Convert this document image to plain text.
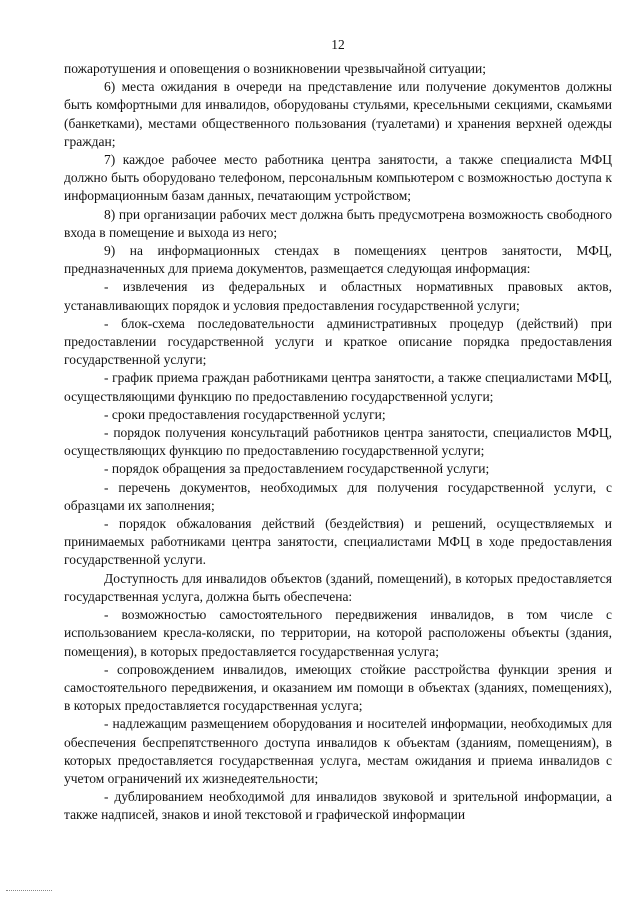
12

пожаротушения и оповещения о возникновении чрезвычайной ситуации;

6) места ожидания в очереди на представление или получение документов должны быть комфортными для инвалидов, оборудованы стульями, кресельными секциями, скамьями (банкетками), местами общественного пользования (туалетами) и хранения верхней одежды граждан;

7) каждое рабочее место работника центра занятости, а также специалиста МФЦ должно быть оборудовано телефоном, персональным компьютером с возможностью доступа к информационным базам данных, печатающим устройством;

8) при организации рабочих мест должна быть предусмотрена возможность свободного входа в помещение и выхода из него;

9) на информационных стендах в помещениях центров занятости, МФЦ, предназначенных для приема документов, размещается следующая информация:

- извлечения из федеральных и областных нормативных правовых актов, устанавливающих порядок и условия предоставления государственной услуги;

- блок-схема последовательности административных процедур (действий) при предоставлении государственной услуги и краткое описание порядка предоставления государственной услуги;

- график приема граждан работниками центра занятости, а также специалистами МФЦ, осуществляющими функцию по предоставлению государственной услуги;

- сроки предоставления государственной услуги;

- порядок получения консультаций работников центра занятости, специалистов МФЦ, осуществляющих функцию по предоставлению государственной услуги;

- порядок обращения за предоставлением государственной услуги;

- перечень документов, необходимых для получения государственной услуги, с образцами их заполнения;

- порядок обжалования действий (бездействия) и решений, осуществляемых и принимаемых работниками центра занятости, специалистами МФЦ в ходе предоставления государственной услуги.

Доступность для инвалидов объектов (зданий, помещений), в которых предоставляется государственная услуга, должна быть обеспечена:

- возможностью самостоятельного передвижения инвалидов, в том числе с использованием кресла-коляски, по территории, на которой расположены объекты (здания, помещения), в которых предоставляется государственная услуга;

- сопровождением инвалидов, имеющих стойкие расстройства функции зрения и самостоятельного передвижения, и оказанием им помощи в объектах (зданиях, помещениях), в которых предоставляется государственная услуга;

- надлежащим размещением оборудования и носителей информации, необходимых для обеспечения беспрепятственного доступа инвалидов к объектам (зданиям, помещениям), в которых предоставляется государственная услуга, местам ожидания и приема инвалидов с учетом ограничений их жизнедеятельности;

- дублированием необходимой для инвалидов звуковой и зрительной информации, а также надписей, знаков и иной текстовой и графической информации
